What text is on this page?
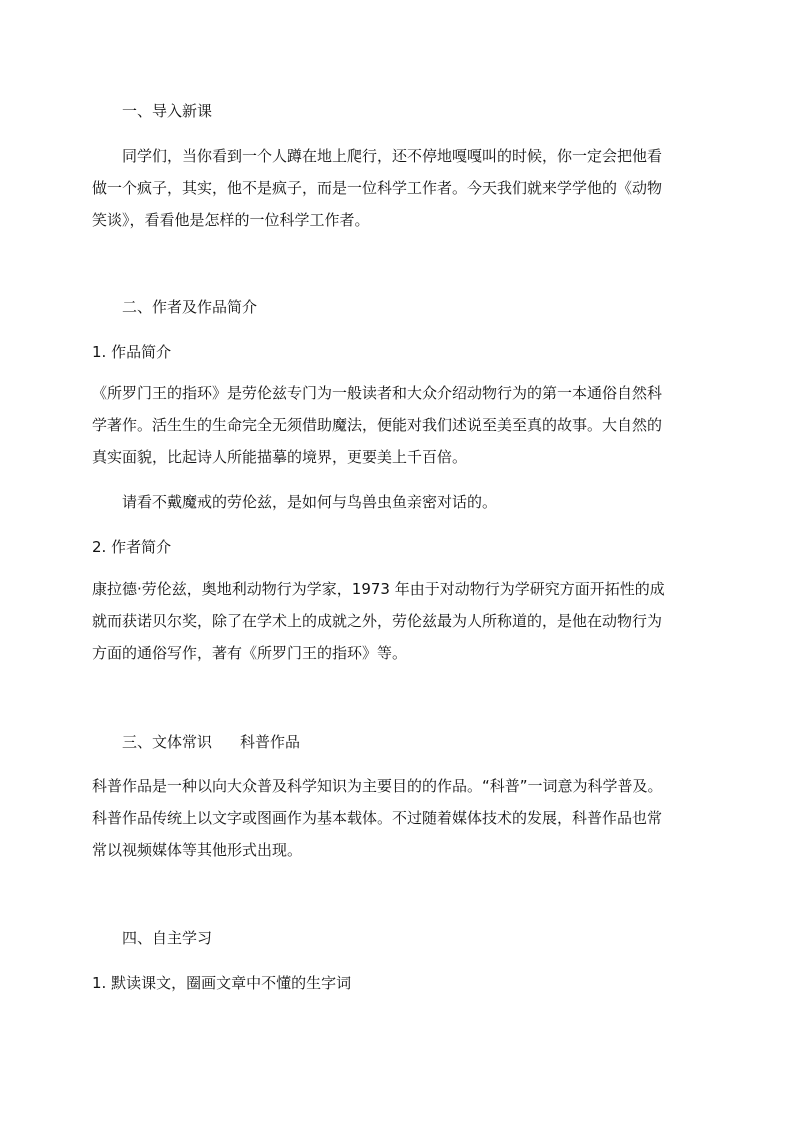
一、导入新课
同学们，当你看到一个人蹲在地上爬行，还不停地嘎嘎叫的时候，你一定会把他看
做一个疯子，其实，他不是疯子，而是一位科学工作者。今天我们就来学学他的《动物
笑谈》，看看他是怎样的一位科学工作者。
二、作者及作品简介
1. 作品简介
《所罗门王的指环》是劳伦兹专门为一般读者和大众介绍动物行为的第一本通俗自然科
学著作。活生生的生命完全无须借助魔法，便能对我们述说至美至真的故事。大自然的
真实面貌，比起诗人所能描摹的境界，更要美上千百倍。
请看不戴魔戒的劳伦兹，是如何与鸟兽虫鱼亲密对话的。
2. 作者简介
康拉德·劳伦兹，奥地利动物行为学家，1973 年由于对动物行为学研究方面开拓性的成
就而获诺贝尔奖，除了在学术上的成就之外，劳伦兹最为人所称道的，是他在动物行为
方面的通俗写作，著有《所罗门王的指环》等。
三、文体常识 科普作品
科普作品是一种以向大众普及科学知识为主要目的的作品。“科普”一词意为科学普及。
科普作品传统上以文字或图画作为基本载体。不过随着媒体技术的发展，科普作品也常
常以视频媒体等其他形式出现。
四、自主学习
1. 默读课文，圈画文章中不懂的生字词
